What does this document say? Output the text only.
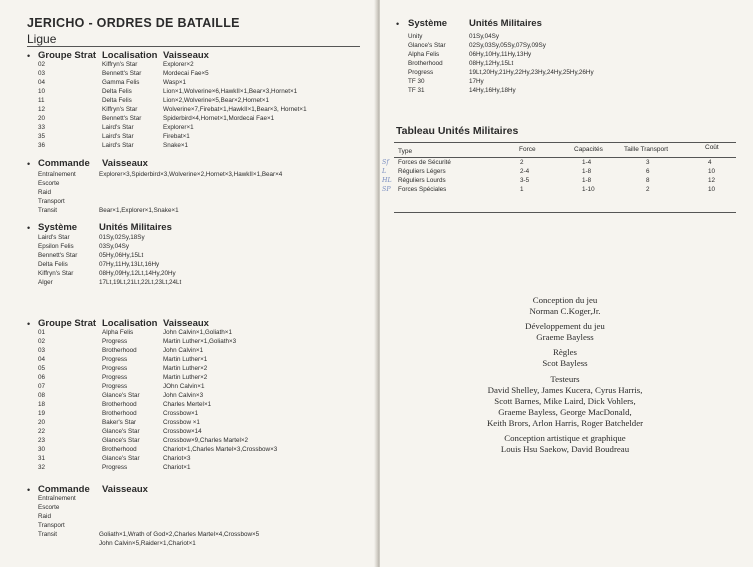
JERICHO - ORDRES DE BATAILLE
Ligue
• Groupe Strat Localisation Vaisseaux
02	Kiffryn's Star	Explorer×2
03	Bennett's Star	Mordecai Fae×5
04	Gamma Felis	Wasp×1
10	Delta Felis	Lion×1,Wolverine×6,HawkII×1,Bear×3,Hornet×1
11	Delta Felis	Lion×2,Wolverine×5,Bear×2,Hornet×1
12	Kiffryn's Star	Wolverine×7,Firebat×1,HawkII×1,Bear×3, Hornet×1
20	Bennett's Star	Spiderbird×4,Hornet×1,Mordecai Fae×1
33	Laird's Star	Explorer×1
35	Laird's Star	Firebat×1
36	Laird's Star	Snake×1
• Commande Vaisseaux
Entraînement	Explorer×3,Spiderbird×3,Wolverine×2,Hornet×3,HawkII×1,Bear×4
Escorte
Raid
Transport
Transit	Bear×1,Explorer×1,Snake×1
• Système Unités Militaires
Laird's Star	01Sy,02Sy,18Sy
Epsilon Felis	03Sy,04Sy
Bennett's Star	05Hy,06Hy,15Lt
Delta Felis	07Hy,11Hy,13Lt,16Hy
Kiffryn's Star	08Hy,09Hy,12Lt,14Hy,20Hy
Alger	17Lt,19Lt,21Lt,22Lt,23Lt,24Lt
• Groupe Strat Localisation Vaisseaux
01	Alpha Felis	John Calvin×1,Goliath×1
02	Progress	Martin Luther×1,Goliath×3
03	Brotherhood	John Calvin×1
04	Progress	Martin Luther×1
05	Progress	Martin Luther×2
06	Progress	Martin Luther×2
07	Progress	JOhn Calvin×1
08	Glance's Star	John Calvin×3
18	Brotherhood	Charles Mertel×1
19	Brotherhood	Crossbow×1
20	Baker's Star	Crossbow ×1
22	Glance's Star	Crossbow×14
23	Glance's Star	Crossbow×9,Charles Martel×2
30	Brotherhood	Chariot×1,Charles Martel×3,Crossbow×3
31	Glance's Star	Chariot×3
32	Progress	Chariot×1
• Commande Vaisseaux
Entraînement
Escorte
Raid
Transport
Transit	Goliath×1,Wrath of God×2,Charles Martel×4,Crossbow×5
John Calvin×5,Raider×1,Chariot×1
• Système Unités Militaires
Unity	01Sy,04Sy
Glance's Star	02Sy,03Sy,05Sy,07Sy,09Sy
Alpha Felis	06Hy,10Hy,11Hy,13Hy
Brotherhood	08Hy,12Hy,15Lt
Progress	19Lt,20Hy,21Hy,22Hy,23Hy,24Hy,25Hy,26Hy
TF 30	17Hy
TF 31	14Hy,16Hy,18Hy
Tableau Unités Militaires
Type	Force	Capacités	Taille Transport	Coût
Sf Forces de Sécurité	2	1-4	3	4
L Réguliers Légers	2-4	1-8	6	10
HL Réguliers Lourds	3-5	1-8	8	12
SP Forces Spéciales	1	1-10	2	10
Conception du jeu
Norman C.Koger,Jr.
Développement du jeu
Graeme Bayless
Règles
Scot Bayless
Testeurs
David Shelley, James Kucera, Cyrus Harris,
Scott Barnes, Mike Laird, Dick Vohlers,
Graeme Bayless, George MacDonald,
Keith Brors, Arlon Harris, Roger Batchelder
Conception artistique et graphique
Louis Hsu Saekow, David Boudreau
